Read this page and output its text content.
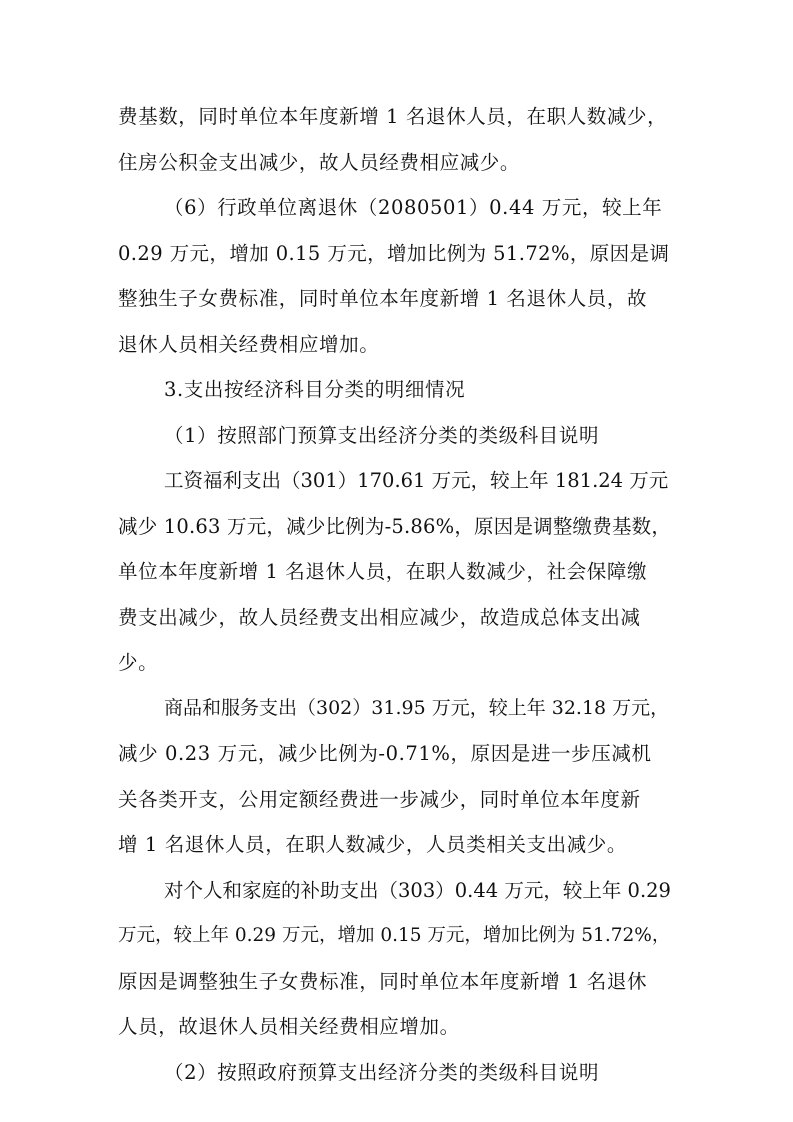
费基数，同时单位本年度新增 1 名退休人员，在职人数减少，
住房公积金支出减少，故人员经费相应减少。
（6）行政单位离退休（2080501）0.44 万元，较上年
0.29 万元，增加 0.15 万元，增加比例为 51.72%，原因是调
整独生子女费标准，同时单位本年度新增 1 名退休人员，故
退休人员相关经费相应增加。
3.支出按经济科目分类的明细情况
（1）按照部门预算支出经济分类的类级科目说明
工资福利支出（301）170.61 万元，较上年 181.24 万元
减少 10.63 万元，减少比例为-5.86%，原因是调整缴费基数，
单位本年度新增 1 名退休人员，在职人数减少，社会保障缴
费支出减少，故人员经费支出相应减少，故造成总体支出减
少。
商品和服务支出（302）31.95 万元，较上年 32.18 万元，
减少 0.23 万元，减少比例为-0.71%，原因是进一步压减机
关各类开支，公用定额经费进一步减少，同时单位本年度新
增 1 名退休人员，在职人数减少，人员类相关支出减少。
对个人和家庭的补助支出（303）0.44 万元，较上年 0.29
万元，较上年 0.29 万元，增加 0.15 万元，增加比例为 51.72%，
原因是调整独生子女费标准，同时单位本年度新增 1 名退休
人员，故退休人员相关经费相应增加。
（2）按照政府预算支出经济分类的类级科目说明
